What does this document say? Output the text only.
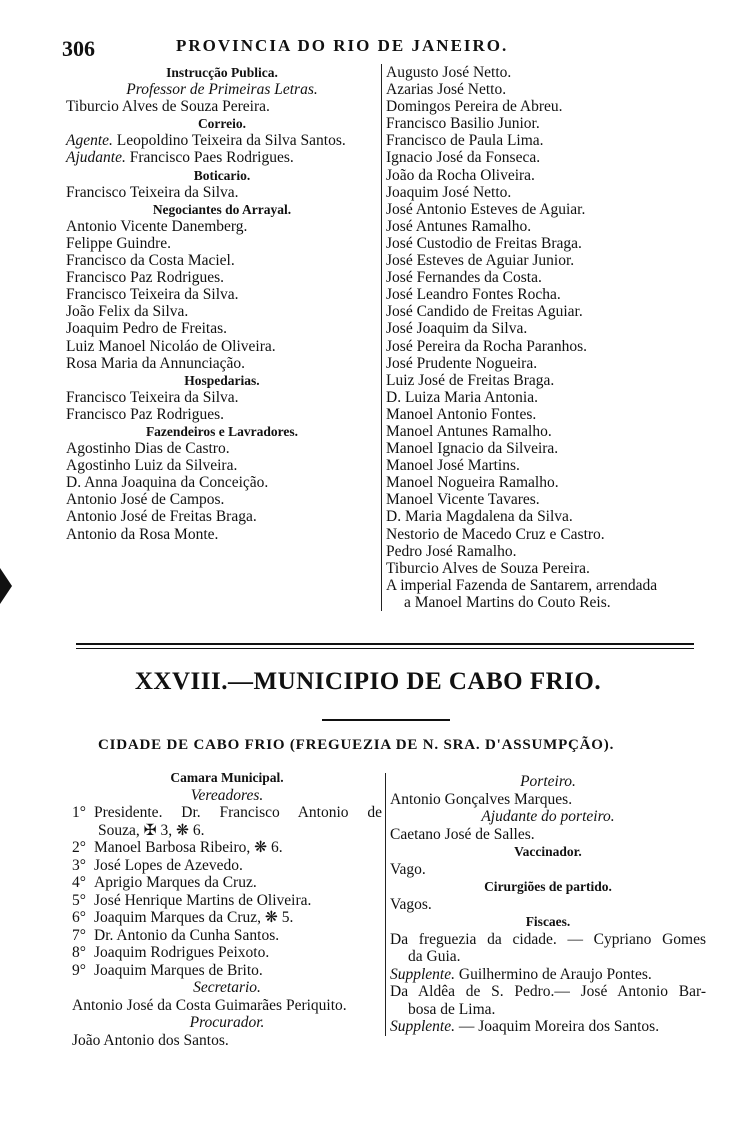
306	PROVINCIA DO RIO DE JANEIRO.
Instrucção Publica.
Professor de Primeiras Letras.
Tiburcio Alves de Souza Pereira.
Correio.
Agente. Leopoldino Teixeira da Silva Santos.
Ajudante. Francisco Paes Rodrigues.
Boticario.
Francisco Teixeira da Silva.
Negociantes do Arrayal.
Antonio Vicente Danemberg.
Felippe Guindre.
Francisco da Costa Maciel.
Francisco Paz Rodrigues.
Francisco Teixeira da Silva.
João Felix da Silva.
Joaquim Pedro de Freitas.
Luiz Manoel Nicoláo de Oliveira.
Rosa Maria da Annunciação.
Hospedarias.
Francisco Teixeira da Silva.
Francisco Paz Rodrigues.
Fazendeiros e Lavradores.
Agostinho Dias de Castro.
Agostinho Luiz da Silveira.
D. Anna Joaquina da Conceição.
Antonio José de Campos.
Antonio José de Freitas Braga.
Antonio da Rosa Monte.
Augusto José Netto.
Azarias José Netto.
Domingos Pereira de Abreu.
Francisco Basilio Junior.
Francisco de Paula Lima.
Ignacio José da Fonseca.
João da Rocha Oliveira.
Joaquim José Netto.
José Antonio Esteves de Aguiar.
José Antunes Ramalho.
José Custodio de Freitas Braga.
José Esteves de Aguiar Junior.
José Fernandes da Costa.
José Leandro Fontes Rocha.
José Candido de Freitas Aguiar.
José Joaquim da Silva.
José Pereira da Rocha Paranhos.
José Prudente Nogueira.
Luiz José de Freitas Braga.
D. Luiza Maria Antonia.
Manoel Antonio Fontes.
Manoel Antunes Ramalho.
Manoel Ignacio da Silveira.
Manoel José Martins.
Manoel Nogueira Ramalho.
Manoel Vicente Tavares.
D. Maria Magdalena da Silva.
Nestorio de Macedo Cruz e Castro.
Pedro José Ramalho.
Tiburcio Alves de Souza Pereira.
A imperial Fazenda de Santarem, arrendada
a Manoel Martins do Couto Reis.
XXVIII.—MUNICIPIO DE CABO FRIO.
CIDADE DE CABO FRIO (FREGUEZIA DE N. SRA. D'ASSUMPÇÃO).
Camara Municipal.
Vereadores.
1° Presidente. Dr. Francisco Antonio de
Souza, ✠ 3, ❋ 6.
2° Manoel Barbosa Ribeiro, ❋ 6.
3° José Lopes de Azevedo.
4° Aprigio Marques da Cruz.
5° José Henrique Martins de Oliveira.
6° Joaquim Marques da Cruz, ❋ 5.
7° Dr. Antonio da Cunha Santos.
8° Joaquim Rodrigues Peixoto.
9° Joaquim Marques de Brito.
Secretario.
Antonio José da Costa Guimarães Periquito.
Procurador.
João Antonio dos Santos.
Porteiro.
Antonio Gonçalves Marques.
Ajudante do porteiro.
Caetano José de Salles.
Vaccinador.
Vago.
Cirurgiões de partido.
Vagos.
Fiscaes.
Da freguezia da cidade. — Cypriano Gomes
da Guia.
Supplente. Guilhermino de Araujo Pontes.
Da Aldêa de S. Pedro.— José Antonio Bar-
bosa de Lima.
Supplente. — Joaquim Moreira dos Santos.
